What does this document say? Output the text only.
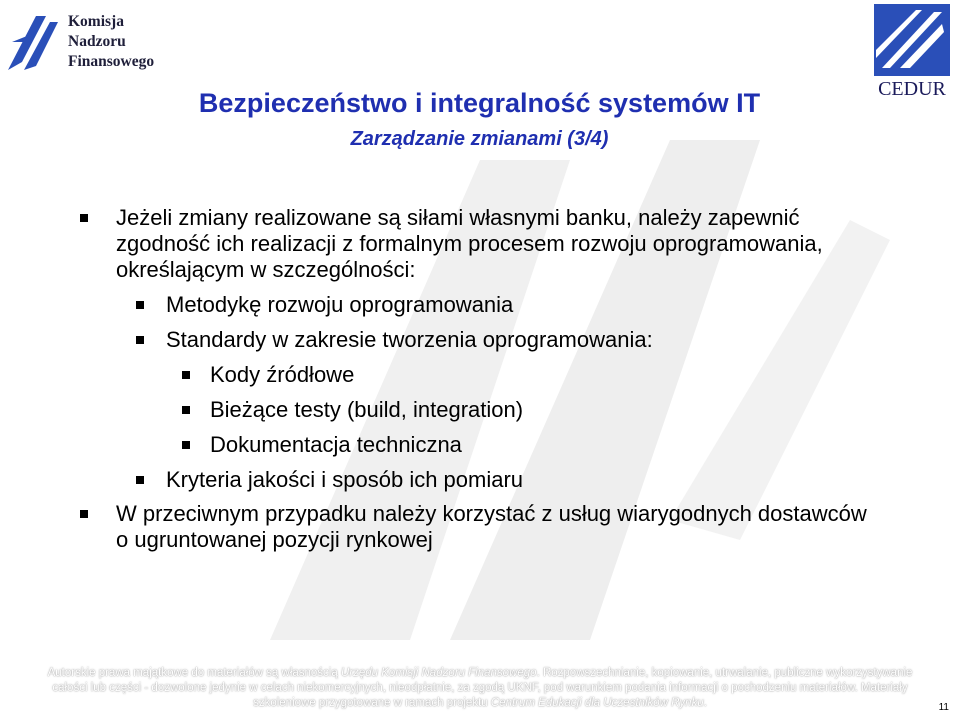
Komisja
Nadzoru
Finansowego
CEDUR
Bezpieczeństwo i integralność systemów IT
Zarządzanie zmianami (3/4)
Jeżeli zmiany realizowane są siłami własnymi banku, należy zapewnić zgodność ich realizacji z formalnym procesem rozwoju oprogramowania, określającym w szczególności:
Metodykę rozwoju oprogramowania
Standardy w zakresie tworzenia oprogramowania:
Kody źródłowe
Bieżące testy (build, integration)
Dokumentacja techniczna
Kryteria jakości i sposób ich pomiaru
W przeciwnym przypadku należy korzystać z usług wiarygodnych dostawców o ugruntowanej pozycji rynkowej
Autorskie prawa majątkowe do materiałów są własnością Urzędu Komisji Nadzoru Finansowego. Rozpowszechnianie, kopiowanie, utrwalanie, publiczne wykorzystywanie całości lub części - dozwolone jedynie w celach niekomercyjnych, nieodpłatnie, za zgodą UKNF, pod warunkiem podania informacji o pochodzeniu materiałów. Materiały szkoleniowe przygotowane w ramach projektu Centrum Edukacji dla Uczestników Rynku.	11
